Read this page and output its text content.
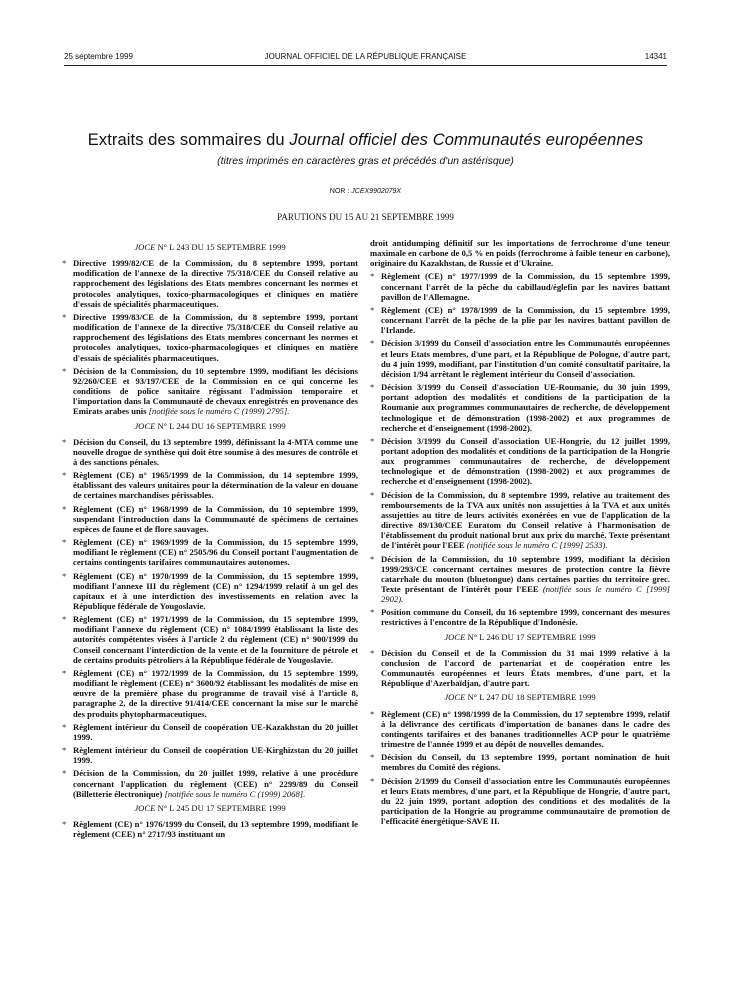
25 septembre 1999	JOURNAL OFFICIEL DE LA RÉPUBLIQUE FRANÇAISE	14341
Extraits des sommaires du Journal officiel des Communautés européennes
(titres imprimés en caractères gras et précédés d'un astérisque)
NOR : JCEX9902079X
PARUTIONS DU 15 AU 21 SEPTEMBRE 1999
JOCE N° L 243 DU 15 SEPTEMBRE 1999
* Directive 1999/82/CE de la Commission, du 8 septembre 1999, portant modification de l'annexe de la directive 75/318/CEE du Conseil relative au rapprochement des législations des Etats membres concernant les normes et protocoles analytiques, toxico-pharmacologiques et cliniques en matière d'essais de spécialités pharmaceutiques.
* Directive 1999/83/CE de la Commission, du 8 septembre 1999, portant modification de l'annexe de la directive 75/318/CEE du Conseil relative au rapprochement des législations des Etats membres concernant les normes et protocoles analytiques, toxico-pharmacologiques et cliniques en matière d'essais de spécialités pharmaceutiques.
* Décision de la Commission, du 10 septembre 1999, modifiant les décisions 92/260/CEE et 93/197/CEE de la Commission en ce qui concerne les conditions de police sanitaire régissant l'admission temporaire et l'importation dans la Communauté de chevaux enregistrés en provenance des Emirats arabes unis [notifiée sous le numéro C (1999) 2795].
JOCE N° L 244 DU 16 SEPTEMBRE 1999
* Décision du Conseil, du 13 septembre 1999, définissant la 4-MTA comme une nouvelle drogue de synthèse qui doit être soumise à des mesures de contrôle et à des sanctions pénales.
* Règlement (CE) n° 1965/1999 de la Commission, du 14 septembre 1999, établissant des valeurs unitaires pour la détermination de la valeur en douane de certaines marchandises périssables.
* Règlement (CE) n° 1968/1999 de la Commission, du 10 septembre 1999, suspendant l'introduction dans la Communauté de spécimens de certaines espèces de faune et de flore sauvages.
* Règlement (CE) n° 1969/1999 de la Commission, du 15 septembre 1999, modifiant le règlement (CE) n° 2505/96 du Conseil portant l'augmentation de certains contingents tarifaires communautaires autonomes.
* Règlement (CE) n° 1970/1999 de la Commission, du 15 septembre 1999, modifiant l'annexe III du règlement (CE) n° 1294/1999 relatif à un gel des capitaux et à une interdiction des investissements en relation avec la République fédérale de Yougoslavie.
* Règlement (CE) n° 1971/1999 de la Commission, du 15 septembre 1999, modifiant l'annexe du règlement (CE) n° 1084/1999 établissant la liste des autorités compétentes visées à l'article 2 du règlement (CE) n° 900/1999 du Conseil concernant l'interdiction de la vente et de la fourniture de pétrole et de certains produits pétroliers à la République fédérale de Yougoslavie.
* Règlement (CE) n° 1972/1999 de la Commission, du 15 septembre 1999, modifiant le règlement (CEE) n° 3600/92 établissant les modalités de mise en œuvre de la première phase du programme de travail visé à l'article 8, paragraphe 2, de la directive 91/414/CEE concernant la mise sur le marché des produits phytopharmaceutiques.
* Règlement intérieur du Conseil de coopération UE-Kazakhstan du 20 juillet 1999.
* Règlement intérieur du Conseil de coopération UE-Kirghizstan du 20 juillet 1999.
* Décision de la Commission, du 20 juillet 1999, relative à une procédure concernant l'application du règlement (CEE) n° 2299/89 du Conseil (Billetterie électronique) [notifiée sous le numéro C (1999) 2068].
JOCE N° L 245 DU 17 SEPTEMBRE 1999
* Règlement (CE) n° 1976/1999 du Conseil, du 13 septembre 1999, modifiant le règlement (CEE) n° 2717/93 instituant un
droit antidumping définitif sur les importations de ferrochrome d'une teneur maximale en carbone de 0,5 % en poids (ferrochrome à faible teneur en carbone), originaire du Kazakhstan, de Russie et d'Ukraine.
* Règlement (CE) n° 1977/1999 de la Commission, du 15 septembre 1999, concernant l'arrêt de la pêche du cabillaud/églefin par les navires battant pavillon de l'Allemagne.
* Règlement (CE) n° 1978/1999 de la Commission, du 15 septembre 1999, concernant l'arrêt de la pêche de la plie par les navires battant pavillon de l'Irlande.
* Décision 3/1999 du Conseil d'association entre les Communautés européennes et leurs Etats membres, d'une part, et la République de Pologne, d'autre part, du 4 juin 1999, modifiant, par l'institution d'un comité consultatif paritaire, la décision 1/94 arrêtant le règlement intérieur du Conseil d'association.
* Décision 3/1999 du Conseil d'association UE-Roumanie, du 30 juin 1999, portant adoption des modalités et conditions de la participation de la Roumanie aux programmes communautaires de recherche, de développement technologique et de démonstration (1998-2002) et aux programmes de recherche et d'enseignement (1998-2002).
* Décision 3/1999 du Conseil d'association UE-Hongrie, du 12 juillet 1999, portant adoption des modalités et conditions de la participation de la Hongrie aux programmes communautaires de recherche, de développement technologique et de démonstration (1998-2002) et aux programmes de recherche et d'enseignement (1998-2002).
* Décision de la Commission, du 8 septembre 1999, relative au traitement des remboursements de la TVA aux unités non assujetties à la TVA et aux unités assujetties au titre de leurs activités exonérées en vue de l'application de la directive 89/130/CEE Euratom du Conseil relative à l'harmonisation de l'établissement du produit national brut aux prix du marché. Texte présentant de l'intérêt pour l'EEE (notifiée sous le numéro C [1999] 2533).
* Décision de la Commission, du 10 septembre 1999, modifiant la décision 1999/293/CE concernant certaines mesures de protection contre la fièvre catarrhale du mouton (bluetongue) dans certaines parties du territoire grec. Texte présentant de l'intérêt pour l'EEE (notifiée sous le numéro C [1999] 2902).
* Position commune du Conseil, du 16 septembre 1999, concernant des mesures restrictives à l'encontre de la République d'Indonésie.
JOCE N° L 246 DU 17 SEPTEMBRE 1999
* Décision du Conseil et de la Commission du 31 mai 1999 relative à la conclusion de l'accord de partenariat et de coopération entre les Communautés européennes et leurs États membres, d'une part, et la République d'Azerbaïdjan, d'autre part.
JOCE N° L 247 DU 18 SEPTEMBRE 1999
* Règlement (CE) n° 1998/1999 de la Commission, du 17 septembre 1999, relatif à la délivrance des certificats d'importation de bananes dans le cadre des contingents tarifaires et des bananes traditionnelles ACP pour le quatrième trimestre de l'année 1999 et au dépôt de nouvelles demandes.
* Décision du Conseil, du 13 septembre 1999, portant nomination de huit membres du Comité des régions.
* Décision 2/1999 du Conseil d'association entre les Communautés européennes et leurs Etats membres, d'une part, et la République de Hongrie, d'autre part, du 22 juin 1999, portant adoption des conditions et des modalités de la participation de la Hongrie au programme communautaire de promotion de l'efficacité énergétique-SAVE II.
